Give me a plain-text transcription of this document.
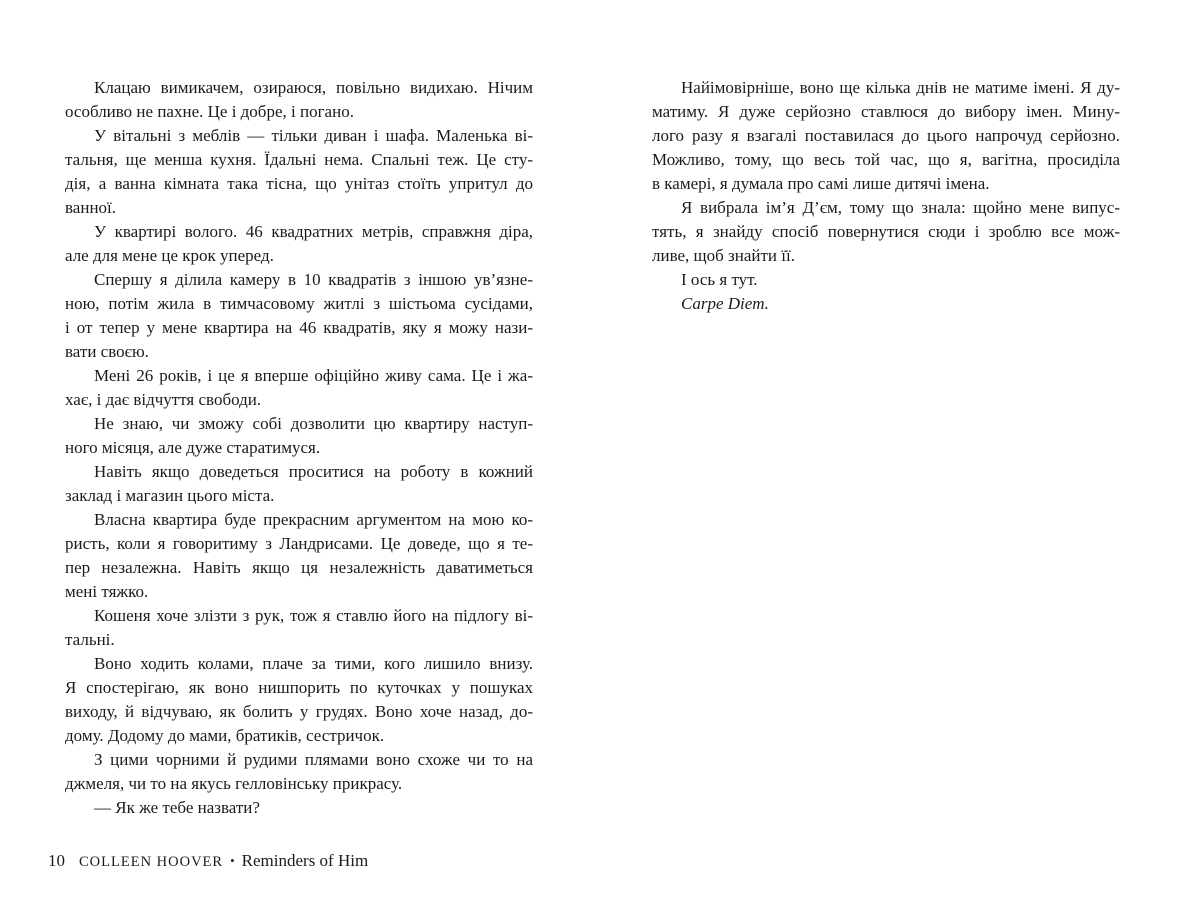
Клацаю вимикачем, озираюся, повільно видихаю. Нічим
особливо не пахне. Це і добре, і погано.
У вітальні з меблів — тільки диван і шафа. Маленька ві-
тальня, ще менша кухня. Їдальні нема. Спальні теж. Це сту-
дія, а ванна кімната така тісна, що унітаз стоїть упритул до
ванної.
У квартирі волого. 46 квадратних метрів, справжня діра,
але для мене це крок уперед.
Спершу я ділила камеру в 10 квадратів з іншою ув’язне-
ною, потім жила в тимчасовому житлі з шістьома сусідами,
і от тепер у мене квартира на 46 квадратів, яку я можу нази-
вати своєю.
Мені 26 років, і це я вперше офіційно живу сама. Це і жа-
хає, і дає відчуття свободи.
Не знаю, чи зможу собі дозволити цю квартиру наступ-
ного місяця, але дуже старатимуся.
Навіть якщо доведеться проситися на роботу в кожний
заклад і магазин цього міста.
Власна квартира буде прекрасним аргументом на мою ко-
ристь, коли я говоритиму з Ландрисами. Це доведе, що я те-
пер незалежна. Навіть якщо ця незалежність даватиметься
мені тяжко.
Кошеня хоче злізти з рук, тож я ставлю його на підлогу ві-
тальні.
Воно ходить колами, плаче за тими, кого лишило внизу.
Я спостерігаю, як воно нишпорить по куточках у пошуках
виходу, й відчуваю, як болить у грудях. Воно хоче назад, до-
дому. Додому до мами, братиків, сестричок.
З цими чорними й рудими плямами воно схоже чи то на
джмеля, чи то на якусь гелловінську прикрасу.
— Як же тебе назвати?
Найімовірніше, воно ще кілька днів не матиме імені. Я ду-
матиму. Я дуже серйозно ставлюся до вибору імен. Мину-
лого разу я взагалі поставилася до цього напрочуд серйозно.
Можливо, тому, що весь той час, що я, вагітна, просиділа
в камері, я думала про самі лише дитячі імена.
Я вибрала ім’я Д’єм, тому що знала: щойно мене випус-
тять, я знайду спосіб повернутися сюди і зроблю все мож-
ливе, щоб знайти її.
І ось я тут.
Carpe Diem.
10 COLLEEN HOOVER • Reminders of Him
